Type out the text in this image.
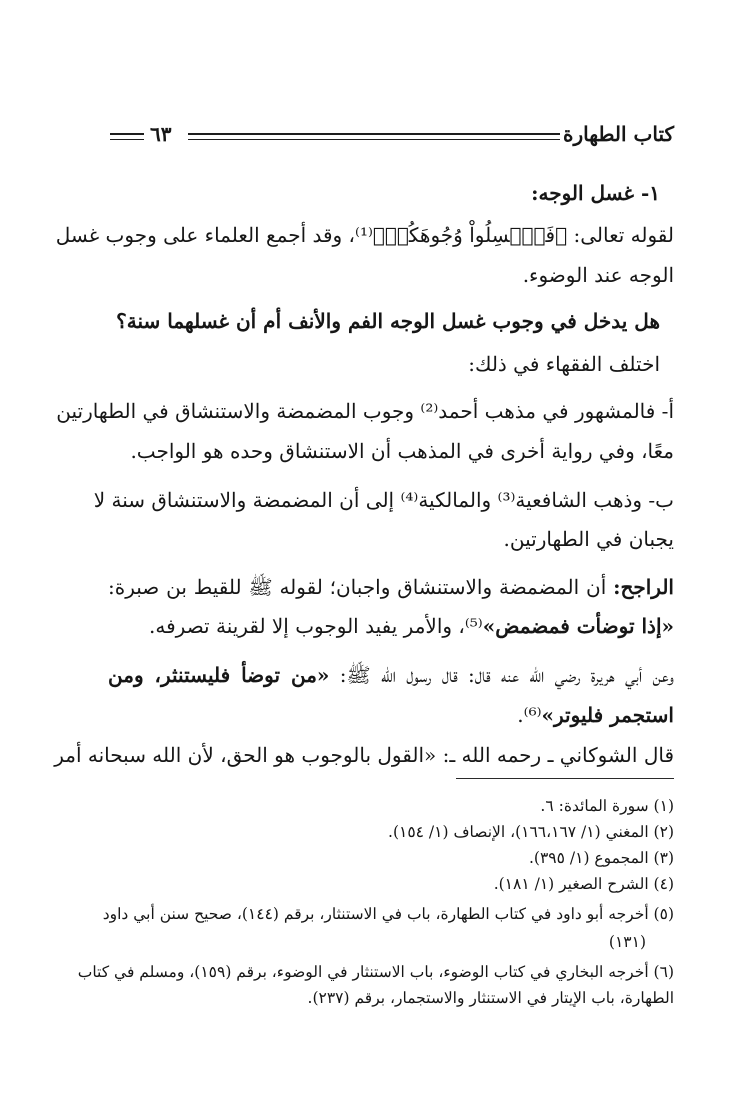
كتاب الطهارة
٦٣
١- غسل الوجه:
لقوله تعالى: ﴿فَٱغۡسِلُواْ وُجُوهَكُمۡ﴾⁽¹⁾، وقد أجمع العلماء على وجوب غسل
الوجه عند الوضوء.
هل يدخل في وجوب غسل الوجه الفم والأنف أم أن غسلهما سنة؟
اختلف الفقهاء في ذلك:
أ- فالمشهور في مذهب أحمد⁽²⁾ وجوب المضمضة والاستنشاق في الطهارتين
معًا، وفي رواية أخرى في المذهب أن الاستنشاق وحده هو الواجب.
ب- وذهب الشافعية⁽³⁾ والمالكية⁽⁴⁾ إلى أن المضمضة والاستنشاق سنة لا
يجبان في الطهارتين.
الراجح: أن المضمضة والاستنشاق واجبان؛ لقوله ﷺ للقيط بن صبرة:
«إذا توضأت فمضمض»⁽⁵⁾، والأمر يفيد الوجوب إلا لقرينة تصرفه.
وعن أبي هريرة رضي الله عنه قال: قال رسول الله ﷺ: «من توضأ فليستنثر، ومن
استجمر فليوتر»⁽⁶⁾.
قال الشوكاني ـ رحمه الله ـ: «القول بالوجوب هو الحق، لأن الله سبحانه أمر
(١) سورة المائدة: ٦.
(٢) المغني (١/ ١٦٦،١٦٧)، الإنصاف (١/ ١٥٤).
(٣) المجموع (١/ ٣٩٥).
(٤) الشرح الصغير (١/ ١٨١).
(٥) أخرجه أبو داود في كتاب الطهارة، باب في الاستنثار، برقم (١٤٤)، صحيح سنن أبي داود
(١٣١)
(٦) أخرجه البخاري في كتاب الوضوء، باب الاستنثار في الوضوء، برقم (١٥٩)، ومسلم في كتاب
الطهارة، باب الإيتار في الاستنثار والاستجمار، برقم (٢٣٧).
